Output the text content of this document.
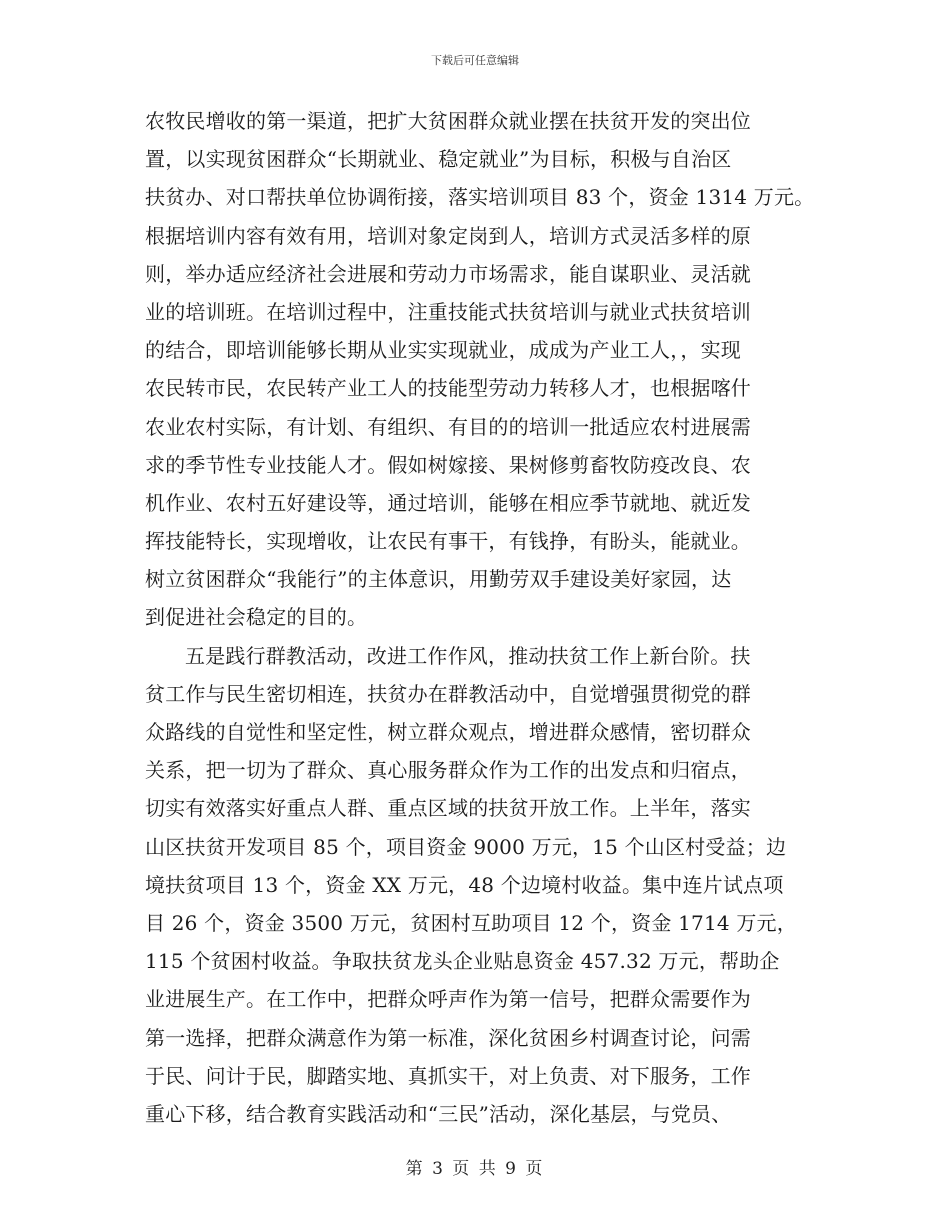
下载后可任意编辑
农牧民增收的第一渠道，把扩大贫困群众就业摆在扶贫开发的突出位
置，以实现贫困群众“长期就业、稳定就业”为目标，积极与自治区
扶贫办、对口帮扶单位协调衔接，落实培训项目 83 个，资金 1314 万元。
根据培训内容有效有用，培训对象定岗到人，培训方式灵活多样的原
则，举办适应经济社会进展和劳动力市场需求，能自谋职业、灵活就
业的培训班。在培训过程中，注重技能式扶贫培训与就业式扶贫培训
的结合，即培训能够长期从业实实现就业，成成为产业工人，，实现
农民转市民，农民转产业工人的技能型劳动力转移人才，也根据喀什
农业农村实际，有计划、有组织、有目的的培训一批适应农村进展需
求的季节性专业技能人才。假如树嫁接、果树修剪畜牧防疫改良、农
机作业、农村五好建设等，通过培训，能够在相应季节就地、就近发
挥技能特长，实现增收，让农民有事干，有钱挣，有盼头，能就业。
树立贫困群众“我能行”的主体意识，用勤劳双手建设美好家园，达
到促进社会稳定的目的。
五是践行群教活动，改进工作作风，推动扶贫工作上新台阶。扶
贫工作与民生密切相连，扶贫办在群教活动中，自觉增强贯彻党的群
众路线的自觉性和坚定性，树立群众观点，增进群众感情，密切群众
关系，把一切为了群众、真心服务群众作为工作的出发点和归宿点，
切实有效落实好重点人群、重点区域的扶贫开放工作。上半年，落实
山区扶贫开发项目 85 个，项目资金 9000 万元，15 个山区村受益；边
境扶贫项目 13 个，资金 XX 万元，48 个边境村收益。集中连片试点项
目 26 个，资金 3500 万元，贫困村互助项目 12 个，资金 1714 万元，
115 个贫困村收益。争取扶贫龙头企业贴息资金 457.32 万元，帮助企
业进展生产。在工作中，把群众呼声作为第一信号，把群众需要作为
第一选择，把群众满意作为第一标准，深化贫困乡村调查讨论，问需
于民、问计于民，脚踏实地、真抓实干，对上负责、对下服务，工作
重心下移，结合教育实践活动和“三民”活动，深化基层，与党员、
第 3 页 共 9 页
